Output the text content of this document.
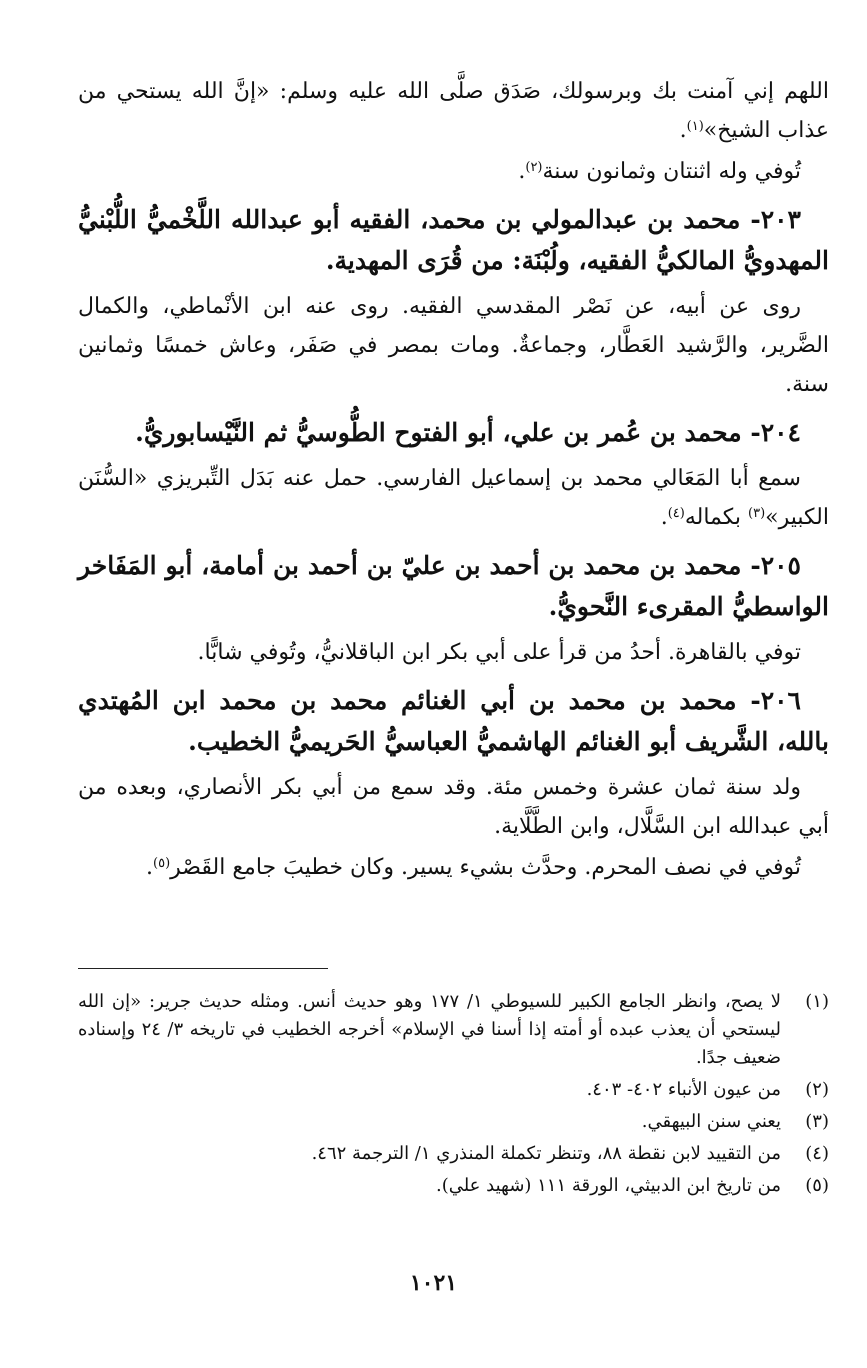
اللهم إني آمنت بك وبرسولك، صَدَق صلَّى الله عليه وسلم: «إنَّ الله يستحي من عذاب الشيخ»$^{(١)}$.

تُوفي وله اثنتان وثمانون سنة$^{(٢)}$.

٢٠٣- محمد بن عبدالمولي بن محمد، الفقيه أبو عبدالله اللَّخْميُّ اللُّبْنيُّ المهدويُّ المالكيُّ الفقيه، ولُبْنَة: من قُرَى المهدية.

روى عن أبيه، عن نَصْر المقدسي الفقيه. روى عنه ابن الأنْماطي، والكمال الضَّرير، والرَّشيد العَطَّار، وجماعةٌ. ومات بمصر في صَفَر، وعاش خمسًا وثمانين سنة.

٢٠٤- محمد بن عُمر بن علي، أبو الفتوح الطُّوسيُّ ثم النَّيْسابوريُّ.

سمع أبا المَعَالي محمد بن إسماعيل الفارسي. حمل عنه بَدَل التِّبريزي «السُّنَن الكبير»$^{(٣)}$ بكماله$^{(٤)}$.

٢٠٥- محمد بن محمد بن أحمد بن عليّ بن أحمد بن أمامة، أبو المَفَاخر الواسطيُّ المقرىء النَّحويُّ.

توفي بالقاهرة. أحدُ من قرأ على أبي بكر ابن الباقلانيُّ، وتُوفي شابًّا.

٢٠٦- محمد بن محمد بن أبي الغنائم محمد بن محمد ابن المُهتدي بالله، الشَّريف أبو الغنائم الهاشميُّ العباسيُّ الحَريميُّ الخطيب.

ولد سنة ثمان عشرة وخمس مئة. وقد سمع من أبي بكر الأنصاري، وبعده من أبي عبدالله ابن السَّلَّال، وابن الطَّلَّاية.

تُوفي في نصف المحرم. وحدَّث بشيء يسير. وكان خطيبَ جامع القَصْر$^{(٥)}$.

(١)
لا يصح، وانظر الجامع الكبير للسيوطي ١/ ١٧٧ وهو حديث أنس. ومثله حديث جرير: «إن الله ليستحي أن يعذب عبده أو أمته إذا أسنا في الإسلام» أخرجه الخطيب في تاريخه ٣/ ٢٤ وإسناده ضعيف جدًا.
(٢)
من عيون الأنباء ٤٠٢- ٤٠٣.
(٣)
يعني سنن البيهقي.
(٤)
من التقييد لابن نقطة ٨٨، وتنظر تكملة المنذري ١/ الترجمة ٤٦٢.
(٥)
من تاريخ ابن الدبيثي، الورقة ١١١ (شهيد علي).
١٠٢١
